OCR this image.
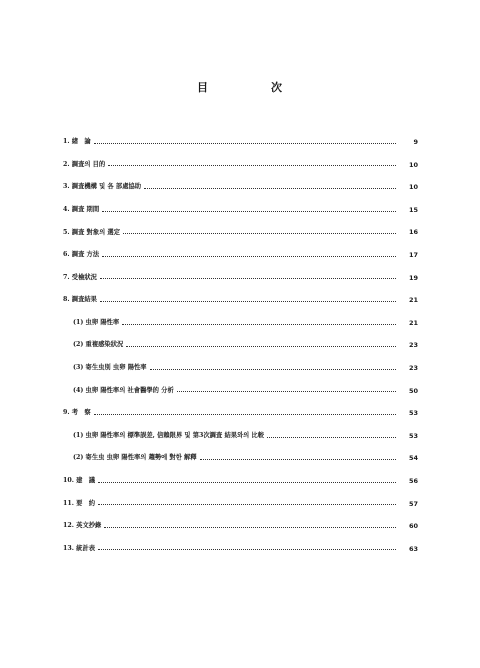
目	次
1. 緖　論	9
2. 調査의 目的	10
3. 調査機構 및 各 部處協助	10
4. 調査 期間	15
5. 調査 對象의 選定	16
6. 調査 方法	17
7. 受檢狀況	19
8. 調査結果	21
(1) 虫卵 陽性率	21
(2) 重複感染狀況	23
(3) 寄生虫別 虫卵 陽性率	23
(4) 虫卵 陽性率의 社會醫學的 分析	50
9. 考　察	53
(1) 虫卵 陽性率의 標準誤差, 信賴限界 및 第3次調査 結果와의 比較	53
(2) 寄生虫 虫卵 陽性率의 趨勢에 對한 解釋	54
10. 建　議	56
11. 要　約	57
12. 英文抄錄	60
13. 統計表	63
